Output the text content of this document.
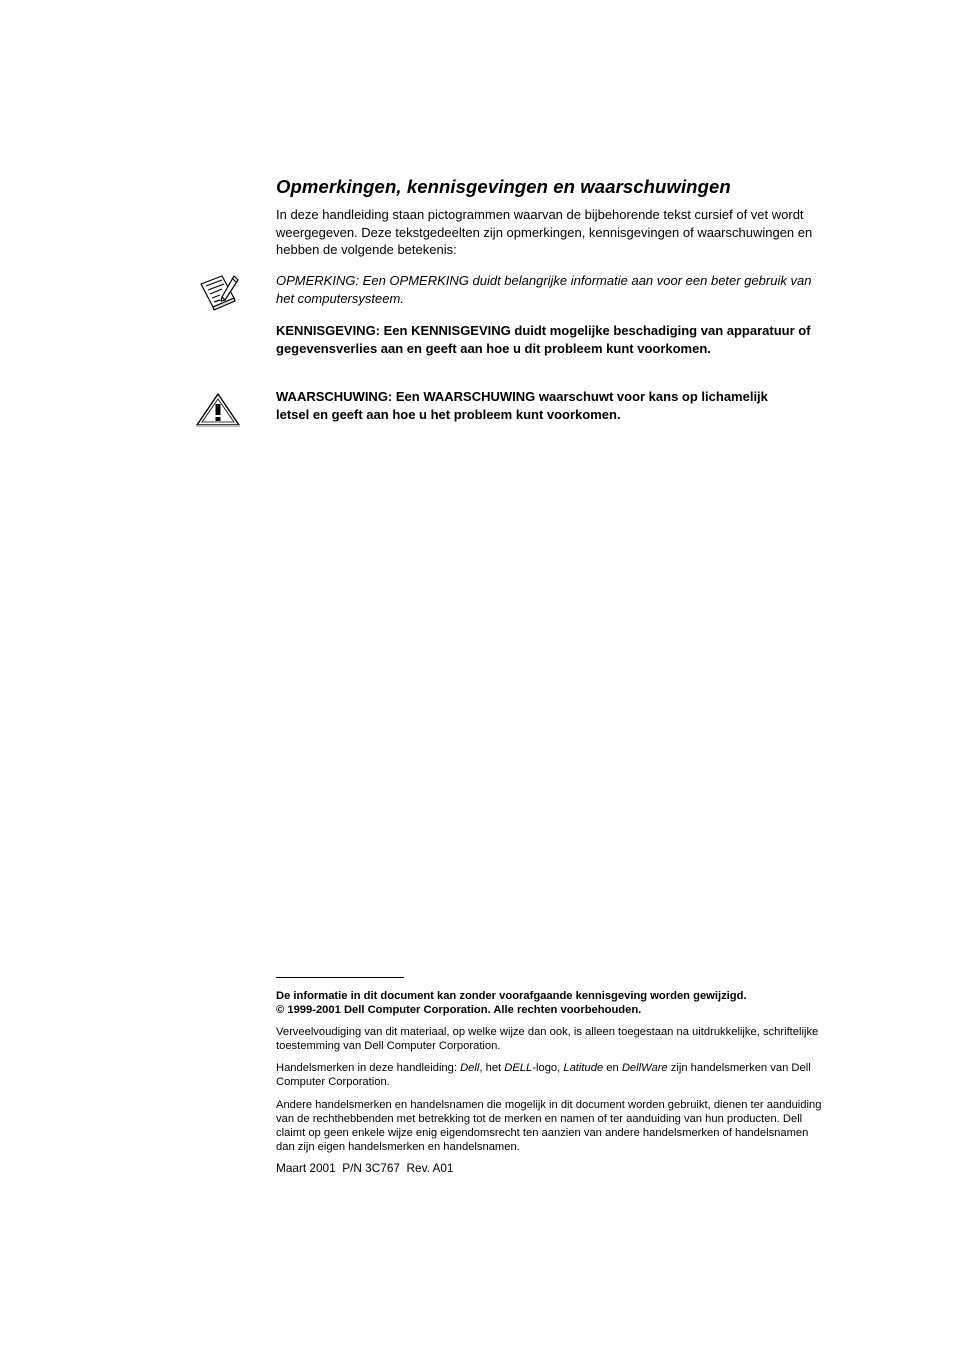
Opmerkingen, kennisgevingen en waarschuwingen

In deze handleiding staan pictogrammen waarvan de bijbehorende tekst cursief of vet wordt weergegeven. Deze tekstgedeelten zijn opmerkingen, kennisgevingen of waarschuwingen en hebben de volgende betekenis:

OPMERKING: Een OPMERKING duidt belangrijke informatie aan voor een beter gebruik van het computersysteem.

KENNISGEVING: Een KENNISGEVING duidt mogelijke beschadiging van apparatuur of gegevensverlies aan en geeft aan hoe u dit probleem kunt voorkomen.

WAARSCHUWING: Een WAARSCHUWING waarschuwt voor kans op lichamelijk letsel en geeft aan hoe u het probleem kunt voorkomen.

De informatie in dit document kan zonder voorafgaande kennisgeving worden gewijzigd.
© 1999-2001 Dell Computer Corporation. Alle rechten voorbehouden.

Verveelvoudiging van dit materiaal, op welke wijze dan ook, is alleen toegestaan na uitdrukkelijke, schriftelijke toestemming van Dell Computer Corporation.

Handelsmerken in deze handleiding: Dell, het DELL-logo, Latitude en DellWare zijn handelsmerken van Dell Computer Corporation.

Andere handelsmerken en handelsnamen die mogelijk in dit document worden gebruikt, dienen ter aanduiding van de rechthebbenden met betrekking tot de merken en namen of ter aanduiding van hun producten. Dell claimt op geen enkele wijze enig eigendomsrecht ten aanzien van andere handelsmerken of handelsnamen dan zijn eigen handelsmerken en handelsnamen.

Maart 2001  P/N 3C767  Rev. A01
